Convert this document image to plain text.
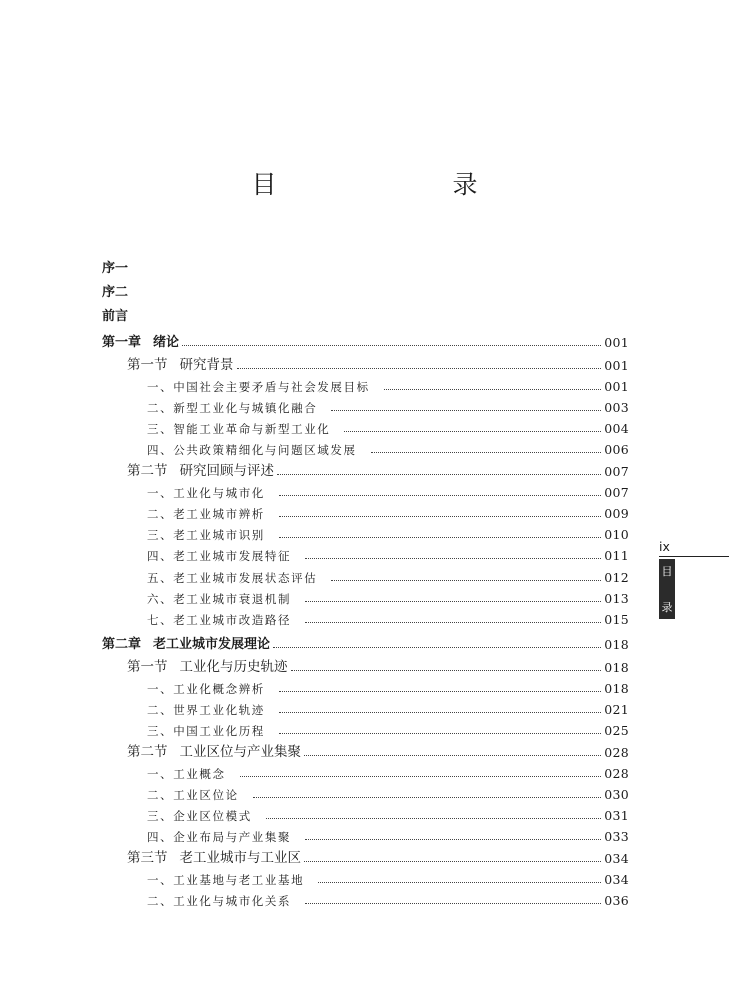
目　　录
序一
序二
前言
第一章 绪论	001
第一节 研究背景	001
一、中国社会主要矛盾与社会发展目标	001
二、新型工业化与城镇化融合	003
三、智能工业革命与新型工业化	004
四、公共政策精细化与问题区域发展	006
第二节 研究回顾与评述	007
一、工业化与城市化	007
二、老工业城市辨析	009
三、老工业城市识别	010
四、老工业城市发展特征	011
五、老工业城市发展状态评估	012
六、老工业城市衰退机制	013
七、老工业城市改造路径	015
第二章 老工业城市发展理论	018
第一节 工业化与历史轨迹	018
一、工业化概念辨析	018
二、世界工业化轨迹	021
三、中国工业化历程	025
第二节 工业区位与产业集聚	028
一、工业概念	028
二、工业区位论	030
三、企业区位模式	031
四、企业布局与产业集聚	033
第三节 老工业城市与工业区	034
一、工业基地与老工业基地	034
二、工业化与城市化关系	036
ix
目
录
